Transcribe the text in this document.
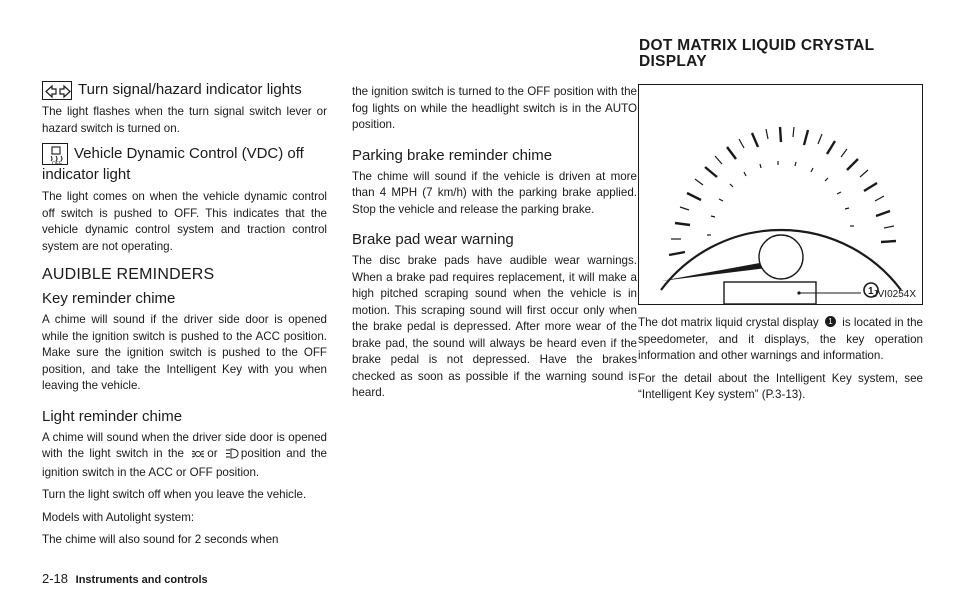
DOT MATRIX LIQUID CRYSTAL DISPLAY
Turn signal/hazard indicator lights

The light flashes when the turn signal switch lever or hazard switch is turned on.

OFF
Vehicle Dynamic Control (VDC) off indicator light

The light comes on when the vehicle dynamic control off switch is pushed to OFF. This indicates that the vehicle dynamic control system and traction control system are not operating.

AUDIBLE REMINDERS
Key reminder chime

A chime will sound if the driver side door is opened while the ignition switch is pushed to the ACC position. Make sure the ignition switch is pushed to the OFF position, and take the Intelligent Key with you when leaving the vehicle.

Light reminder chime

A chime will sound when the driver side door is opened with the light switch in the or position and the ignition switch in the ACC or OFF position.

Turn the light switch off when you leave the vehicle.

Models with Autolight system:

The chime will also sound for 2 seconds when

the ignition switch is turned to the OFF position with the fog lights on while the headlight switch is in the AUTO position.

Parking brake reminder chime

The chime will sound if the vehicle is driven at more than 4 MPH (7 km/h) with the parking brake applied. Stop the vehicle and release the parking brake.

Brake pad wear warning

The disc brake pads have audible wear warnings. When a brake pad requires replacement, it will make a high pitched scraping sound when the vehicle is in motion. This scraping sound will first occur only when the brake pedal is depressed. After more wear of the brake pad, the sound will always be heard even if the brake pedal is not depressed. Have the brakes checked as soon as possible if the warning sound is heard.

1 JVI0254X

The dot matrix liquid crystal display 1 is located in the speedometer, and it displays, the key operation information and other warnings and information.

For the detail about the Intelligent Key system, see “Intelligent Key system” (P.3-13).

2-18 Instruments and controls
